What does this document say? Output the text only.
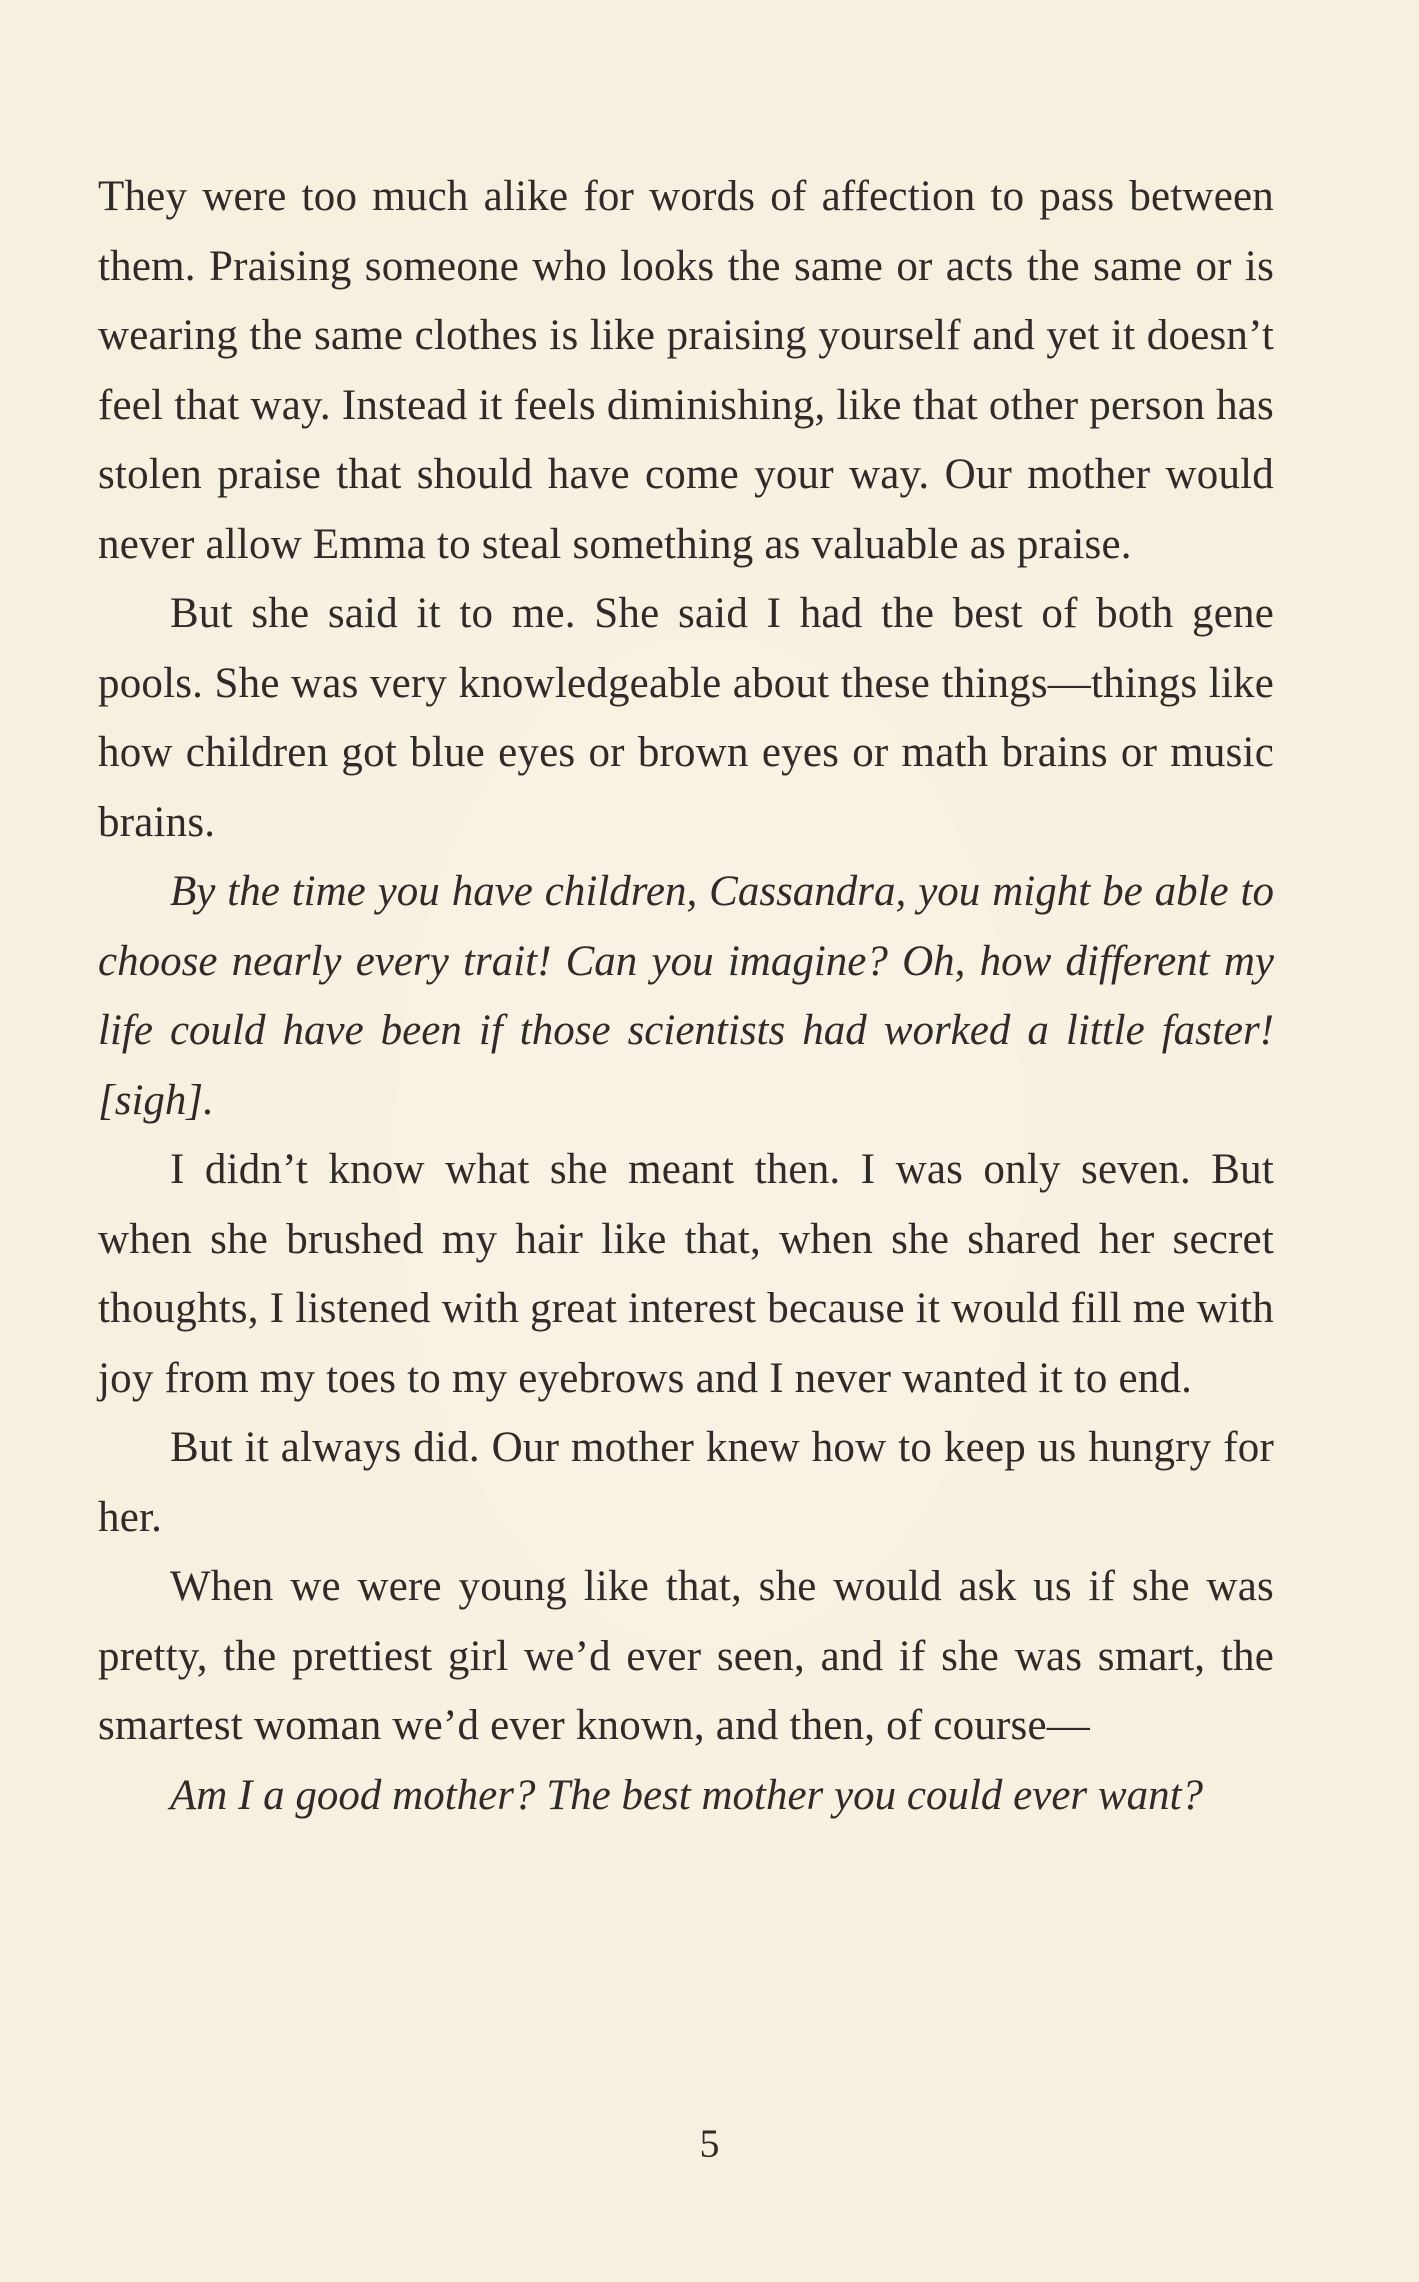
They were too much alike for words of affection to pass between them. Praising someone who looks the same or acts the same or is wearing the same clothes is like praising yourself and yet it doesn’t feel that way. Instead it feels diminishing, like that other person has stolen praise that should have come your way. Our mother would never allow Emma to steal something as valuable as praise.

But she said it to me. She said I had the best of both gene pools. She was very knowledgeable about these things—things like how children got blue eyes or brown eyes or math brains or music brains.

By the time you have children, Cassandra, you might be able to choose nearly every trait! Can you imagine? Oh, how different my life could have been if those scientists had worked a little faster! [sigh].

I didn’t know what she meant then. I was only seven. But when she brushed my hair like that, when she shared her secret thoughts, I listened with great interest because it would fill me with joy from my toes to my eyebrows and I never wanted it to end.

But it always did. Our mother knew how to keep us hungry for her.

When we were young like that, she would ask us if she was pretty, the prettiest girl we’d ever seen, and if she was smart, the smartest woman we’d ever known, and then, of course—

Am I a good mother? The best mother you could ever want?

5
